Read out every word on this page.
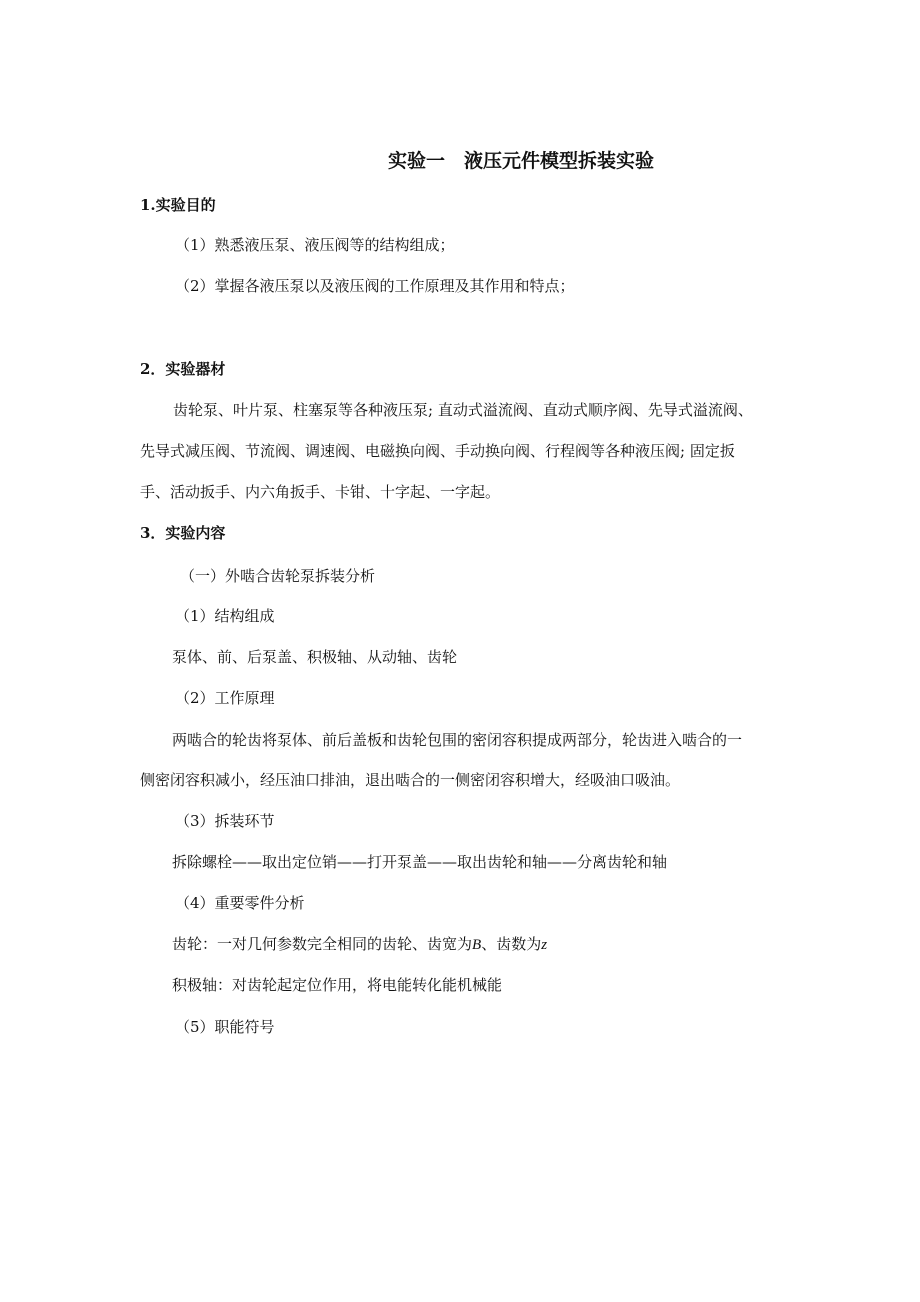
实验一　液压元件模型拆装实验
1.实验目的
（1）熟悉液压泵、液压阀等的结构组成；
（2）掌握各液压泵以及液压阀的工作原理及其作用和特点；
2．实验器材
齿轮泵、叶片泵、柱塞泵等各种液压泵; 直动式溢流阀、直动式顺序阀、先导式溢流阀、
先导式减压阀、节流阀、调速阀、电磁换向阀、手动换向阀、行程阀等各种液压阀; 固定扳
手、活动扳手、内六角扳手、卡钳、十字起、一字起。
3．实验内容
（一）外啮合齿轮泵拆装分析
（1）结构组成
泵体、前、后泵盖、积极轴、从动轴、齿轮
（2）工作原理
两啮合的轮齿将泵体、前后盖板和齿轮包围的密闭容积提成两部分，轮齿进入啮合的一
侧密闭容积减小，经压油口排油，退出啮合的一侧密闭容积增大，经吸油口吸油。
（3）拆装环节
拆除螺栓——取出定位销——打开泵盖——取出齿轮和轴——分离齿轮和轴
（4）重要零件分析
齿轮：一对几何参数完全相同的齿轮、齿宽为B、齿数为z
积极轴：对齿轮起定位作用，将电能转化能机械能
（5）职能符号
